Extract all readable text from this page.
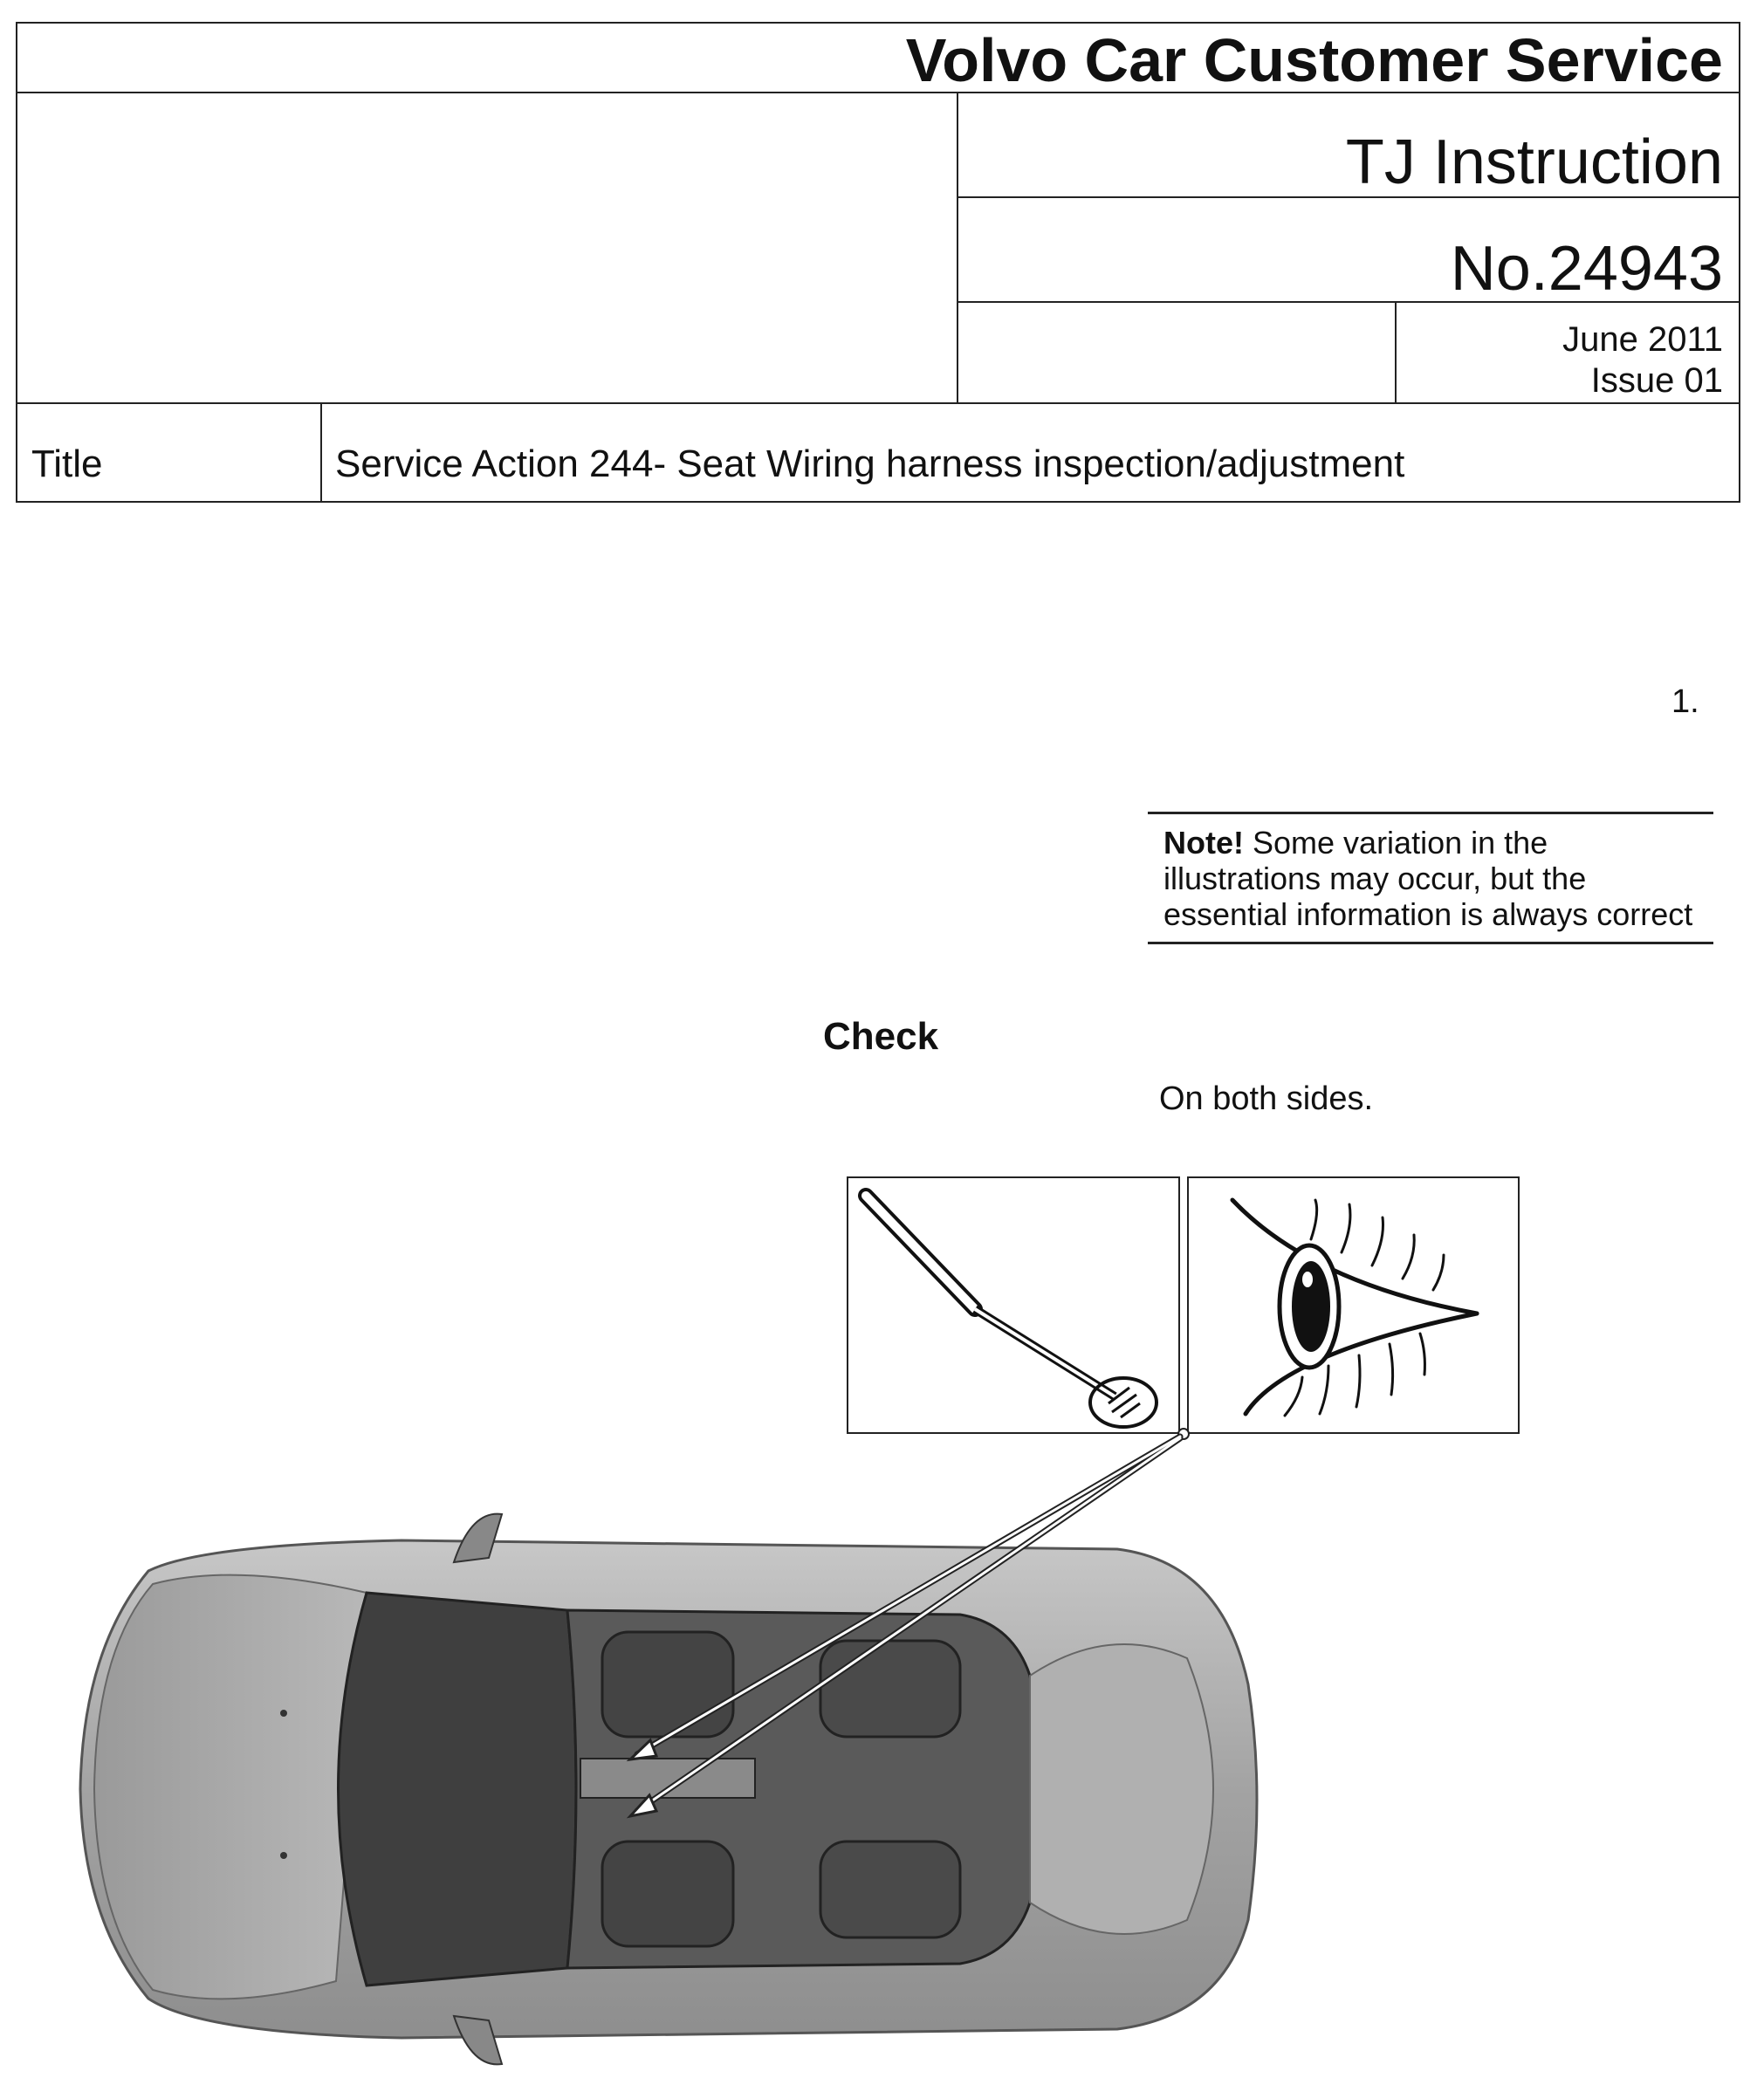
Volvo Car Customer Service
TJ Instruction
No.24943
June 2011
Issue 01
Title	Service Action 244- Seat Wiring harness inspection/adjustment
1.
Note! Some variation in the illustrations may occur, but the essential information is always correct
Check
On both sides.
